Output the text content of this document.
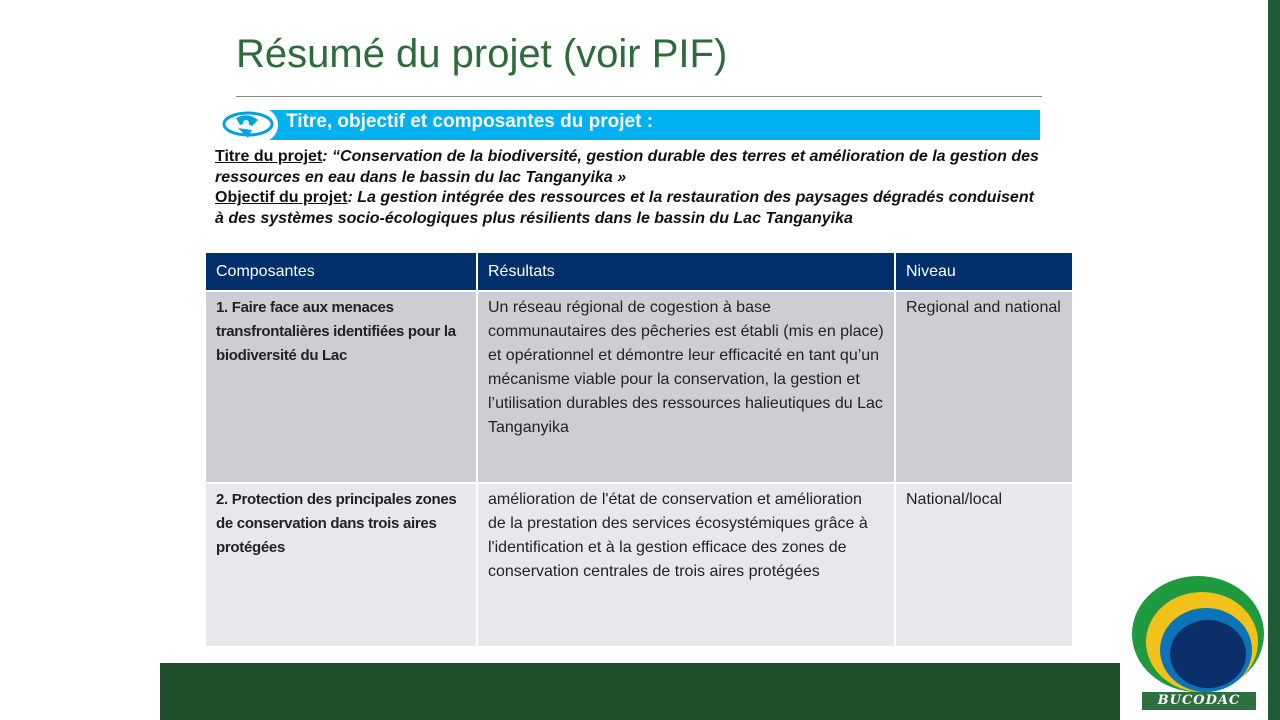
Résumé du projet (voir PIF)
Titre, objectif et composantes du projet :
Titre du projet: “Conservation de la biodiversité, gestion durable des terres et amélioration de la gestion des ressources en eau dans le bassin du lac Tanganyika »
Objectif du projet: La gestion intégrée des ressources et la restauration des paysages dégradés conduisent à des systèmes socio-écologiques plus résilients dans le bassin du Lac Tanganyika
Composantes	Résultats	Niveau
1. Faire face aux menaces transfrontalières identifiées pour la biodiversité du Lac	Un réseau régional de cogestion à base communautaires des pêcheries est établi (mis en place) et opérationnel et démontre leur efficacité en tant qu’un mécanisme viable pour la conservation, la gestion et l’utilisation durables des ressources halieutiques du Lac Tanganyika	Regional and national
2. Protection des principales zones de conservation dans trois aires protégées	amélioration de l'état de conservation et amélioration de la prestation des services écosystémiques grâce à l'identification et à la gestion efficace des zones de conservation centrales de trois aires protégées	National/local
BUCODAC
